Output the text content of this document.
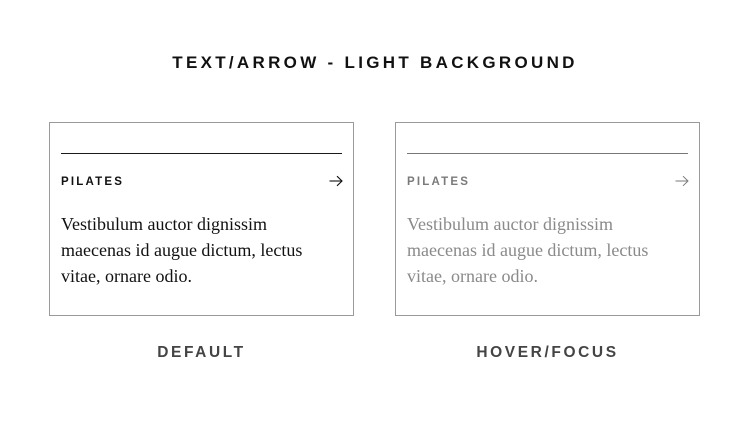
TEXT/ARROW - LIGHT BACKGROUND
PILATES

Vestibulum auctor dignissim
maecenas id augue dictum, lectus
vitae, ornare odio.

PILATES

Vestibulum auctor dignissim
maecenas id augue dictum, lectus
vitae, ornare odio.

DEFAULT	HOVER/FOCUS
